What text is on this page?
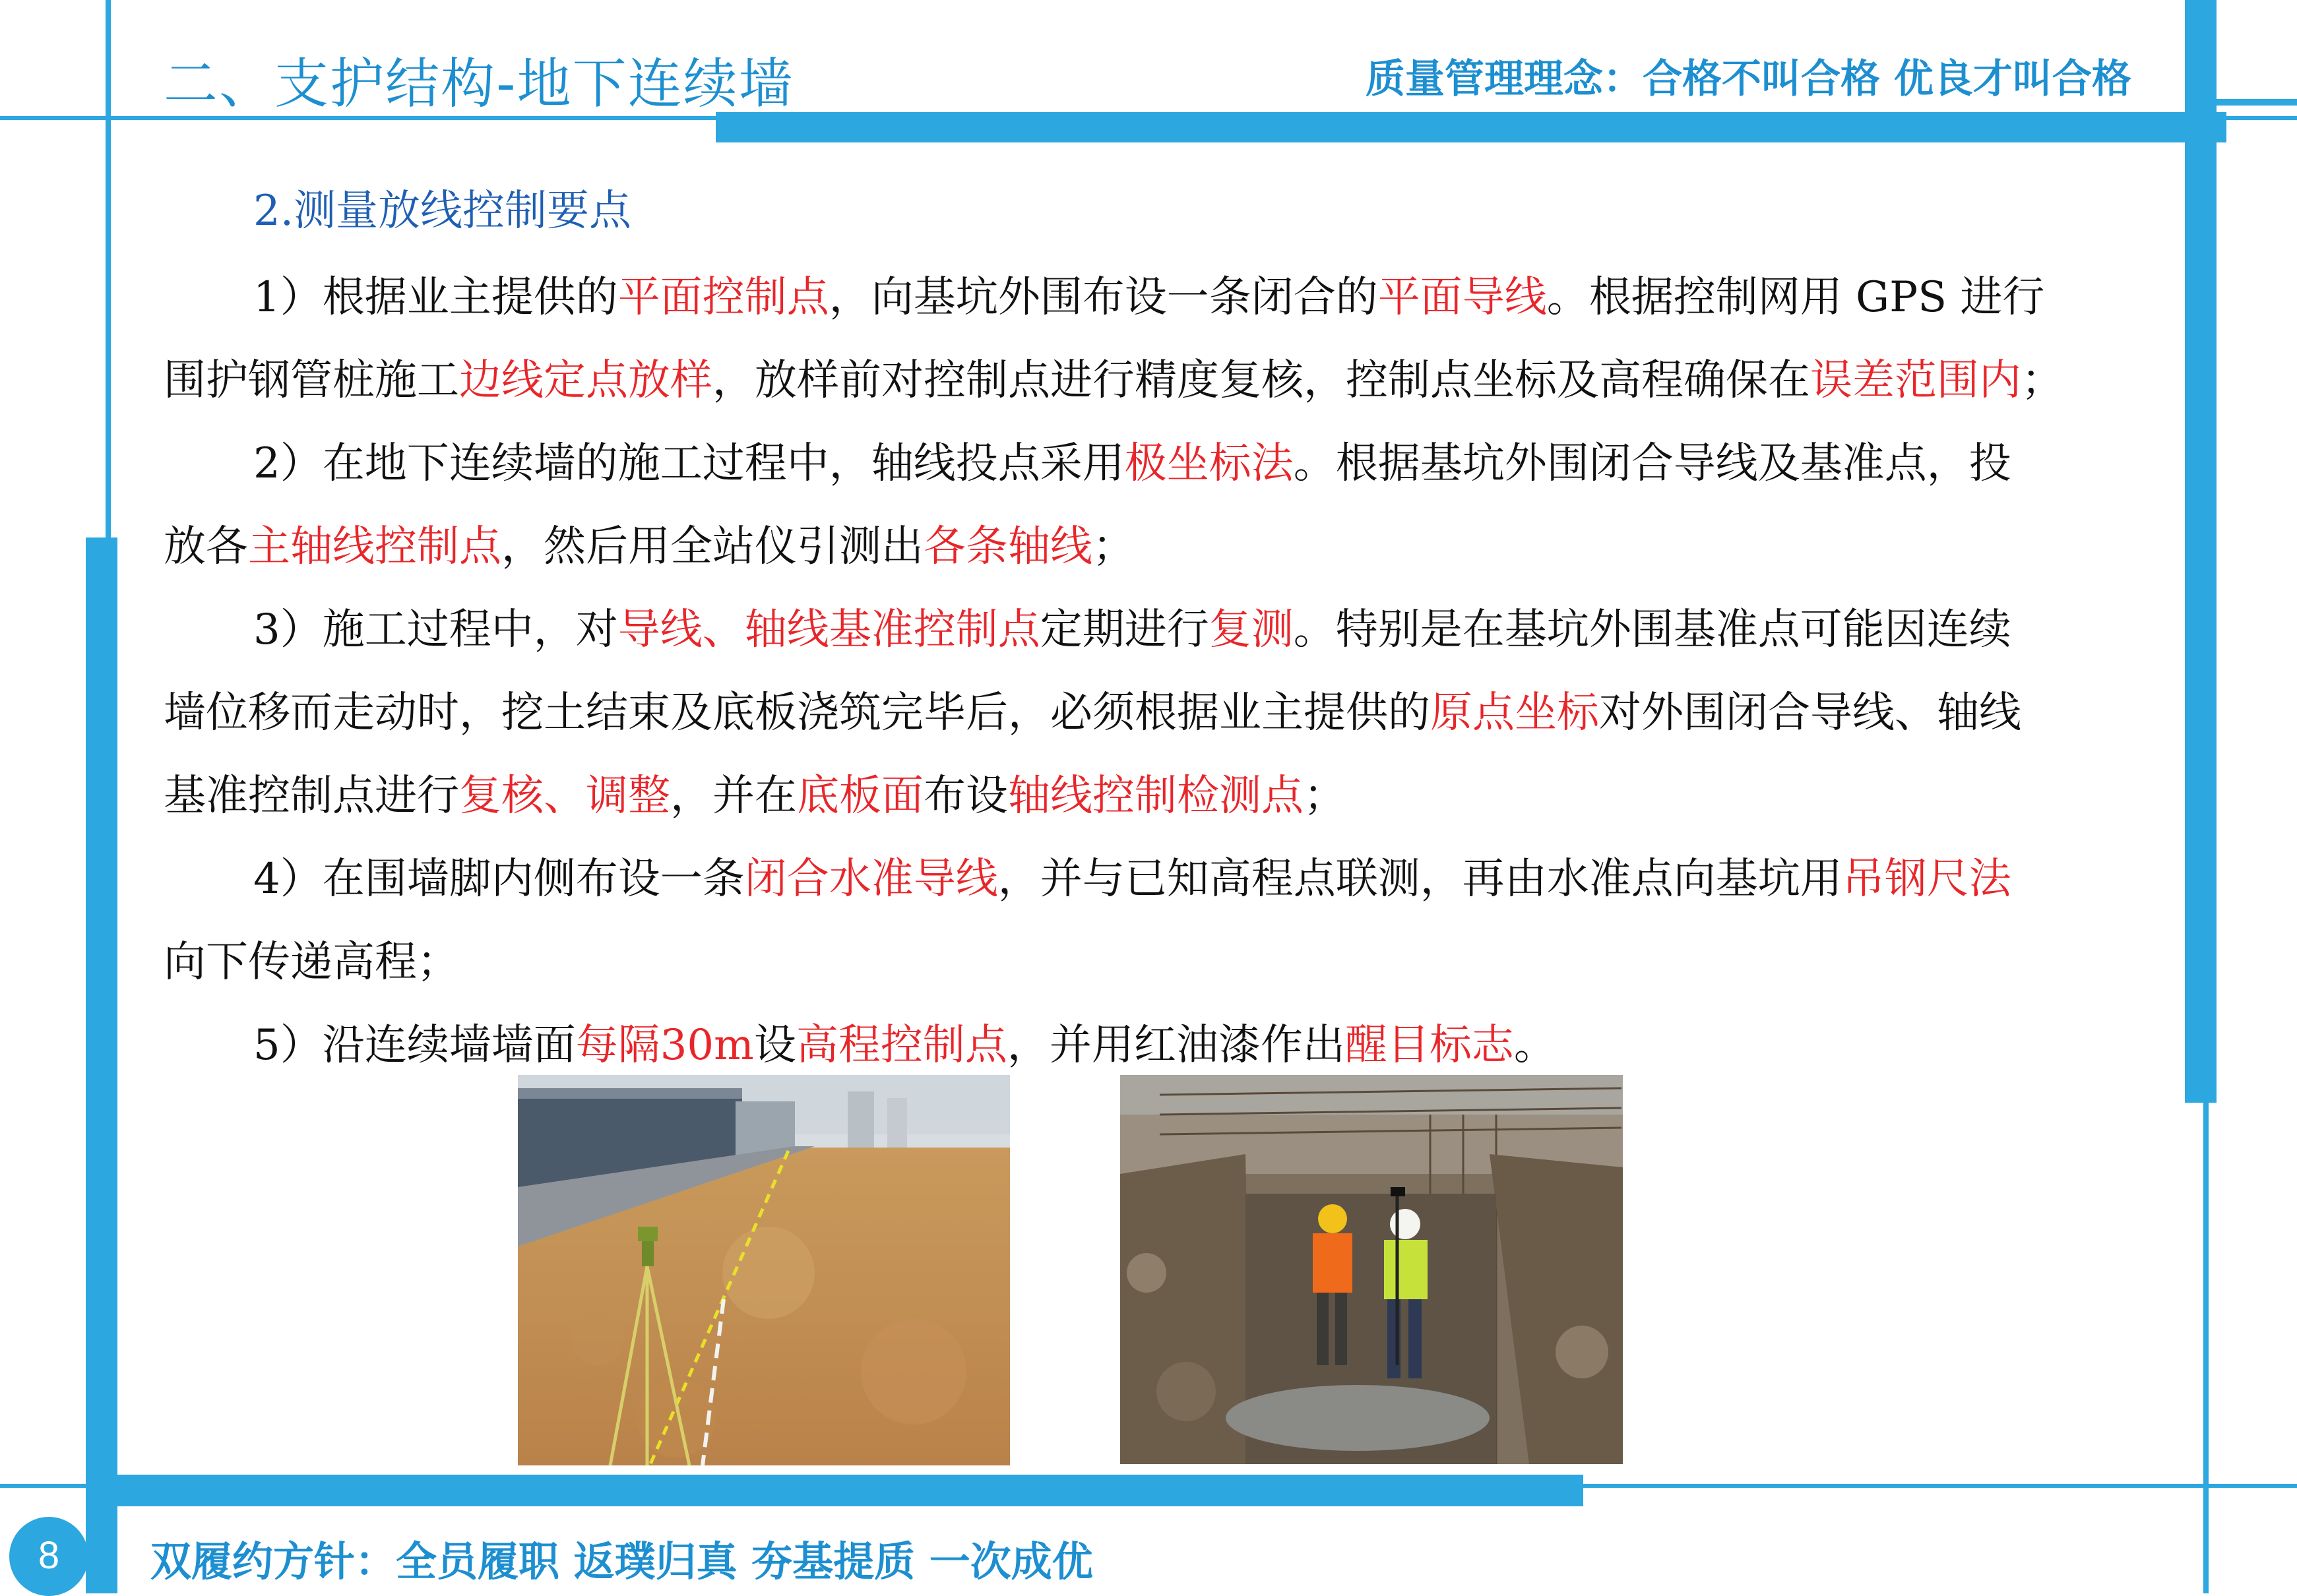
二、支护结构-地下连续墙	质量管理理念：合格不叫合格 优良才叫合格
2.测量放线控制要点
1）根据业主提供的平面控制点，向基坑外围布设一条闭合的平面导线。根据控制网用 GPS 进行
围护钢管桩施工边线定点放样，放样前对控制点进行精度复核，控制点坐标及高程确保在误差范围内；
2）在地下连续墙的施工过程中，轴线投点采用极坐标法。根据基坑外围闭合导线及基准点，投
放各主轴线控制点，然后用全站仪引测出各条轴线；
3）施工过程中，对导线、轴线基准控制点定期进行复测。特别是在基坑外围基准点可能因连续
墙位移而走动时，挖土结束及底板浇筑完毕后，必须根据业主提供的原点坐标对外围闭合导线、轴线
基准控制点进行复核、调整，并在底板面布设轴线控制检测点；
4）在围墙脚内侧布设一条闭合水准导线，并与已知高程点联测，再由水准点向基坑用吊钢尺法
向下传递高程；
5）沿连续墙墙面每隔30m设高程控制点，并用红油漆作出醒目标志。
8	双履约方针：全员履职 返璞归真 夯基提质 一次成优
